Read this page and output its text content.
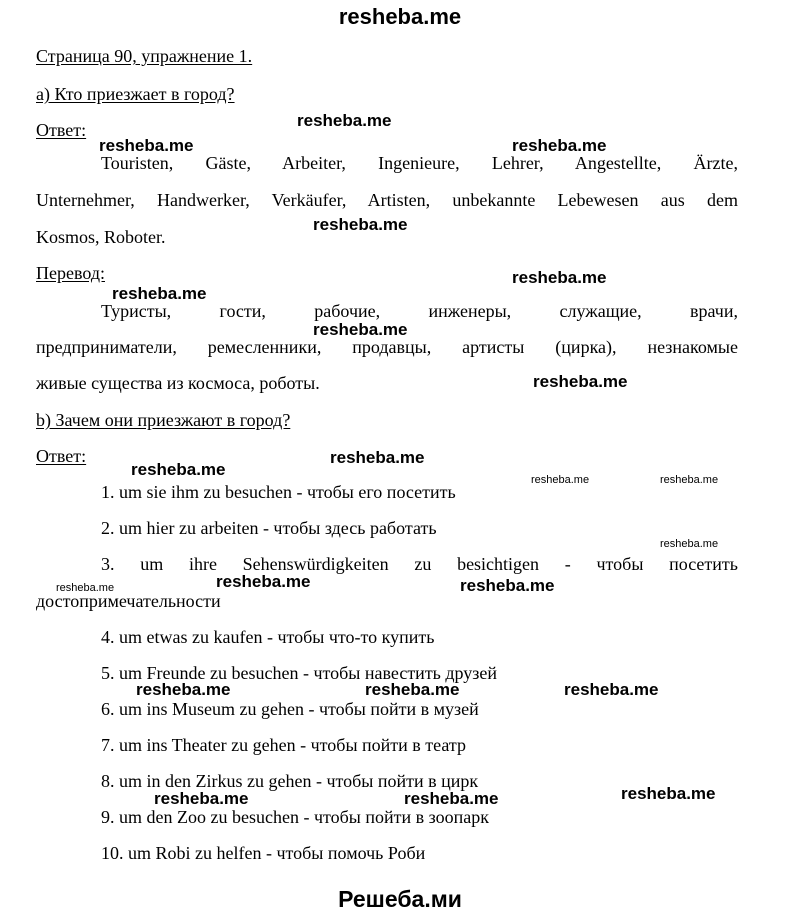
resheba.me
Страница 90, упражнение 1.
а) Кто приезжает в город?
Ответ:
Touristen, Gäste, Arbeiter, Ingenieure, Lehrer, Angestellte, Ärzte,
Unternehmer, Handwerker, Verkäufer, Artisten, unbekannte Lebewesen aus dem
Kosmos, Roboter.
Перевод:
Туристы, гости, рабочие, инженеры, служащие, врачи,
предприниматели, ремесленники, продавцы, артисты (цирка), незнакомые
живые существа из космоса, роботы.
b) Зачем они приезжают в город?
Ответ:
1. um sie ihm zu besuchen - чтобы его посетить
2. um hier zu arbeiten - чтобы здесь работать
3. um ihre Sehenswürdigkeiten zu besichtigen - чтобы посетить
достопримечательности
4. um etwas zu kaufen - чтобы что-то купить
5. um Freunde zu besuchen - чтобы навестить друзей
6. um ins Museum zu gehen - чтобы пойти в музей
7. um ins Theater zu gehen - чтобы пойти в театр
8. um in den Zirkus zu gehen - чтобы пойти в цирк
9. um den Zoo zu besuchen - чтобы пойти в зоопарк
10. um Robi zu helfen - чтобы помочь Роби
Решеба.ми
resheba.me
resheba.me	resheba.me
resheba.me
resheba.me
resheba.me
resheba.me
resheba.me
resheba.me
resheba.me
resheba.me	resheba.me
resheba.me
resheba.me	resheba.me
resheba.me
resheba.me	resheba.me	resheba.me
resheba.me
resheba.me	resheba.me
